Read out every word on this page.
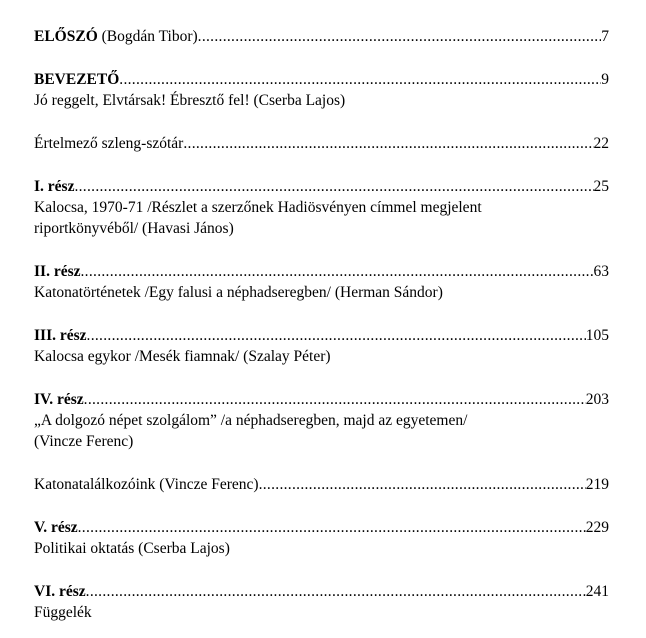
ELŐSZÓ (Bogdán Tibor) .....	7
BEVEZETŐ .....	9
Jó reggelt, Elvtársak! Ébresztő fel! (Cserba Lajos)
Értelmező szleng-szótár .....	22
I. rész .....	25
Kalocsa, 1970-71 /Részlet a szerzőnek Hadiösvényen címmel megjelent
riportkönyvéből/ (Havasi János)
II. rész .....	63
Katonatörténetek /Egy falusi a néphadseregben/ (Herman Sándor)
III. rész .....	105
Kalocsa egykor /Mesék fiamnak/ (Szalay Péter)
IV. rész .....	203
„A dolgozó népet szolgálom” /a néphadseregben, majd az egyetemen/
(Vincze Ferenc)
Katonatalálkozóink (Vincze Ferenc) .....	219
V. rész .....	229
Politikai oktatás (Cserba Lajos)
VI. rész .....	241
Függelék
